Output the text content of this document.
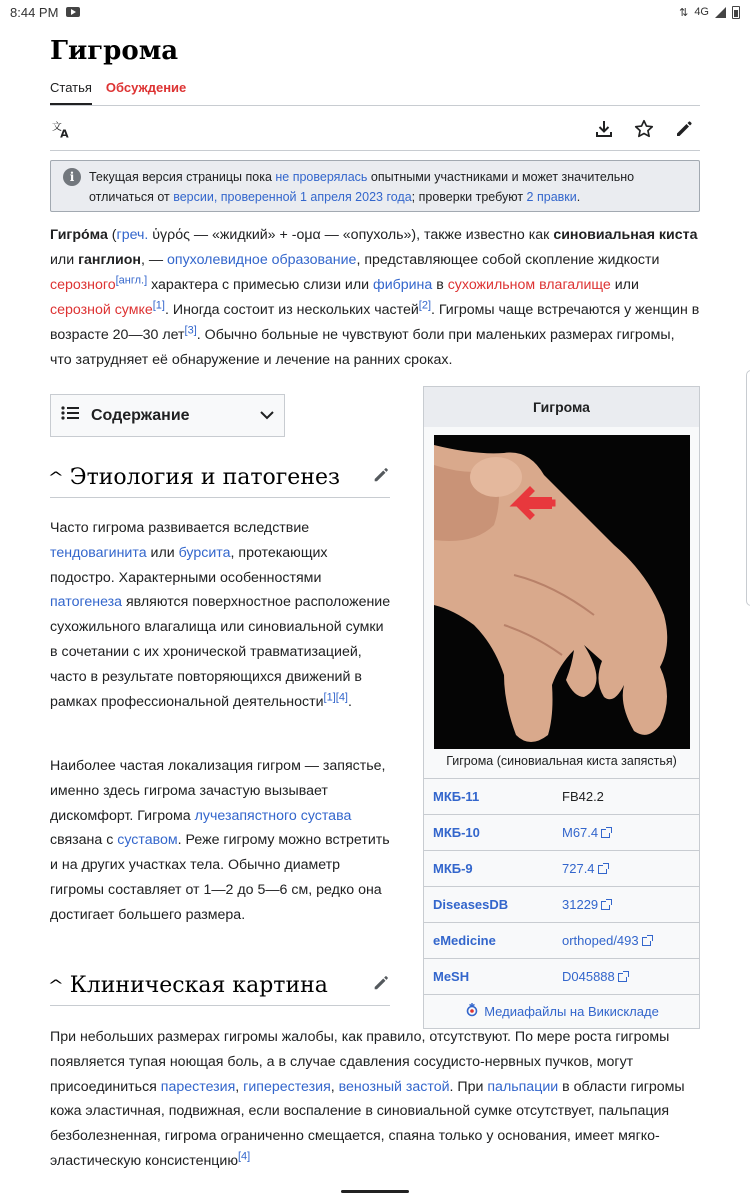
8:44 PM	⇅ 4G
Гигрома
Статья Обсуждение
文
A
i	Текущая версия страницы пока не проверялась опытными участниками и может значительно отличаться от версии, проверенной 1 апреля 2023 года; проверки требуют 2 правки.
Гигро́ма (греч. ὑγρός — «жидкий» + -ομα — «опухоль»), также известно как синовиальная киста или ганглион, — опухолевидное образование, представляющее собой скопление жидкости серозного[англ.] характера с примесью слизи или фибрина в сухожильном влагалище или серозной сумке[1]. Иногда состоит из нескольких частей[2]. Гигромы чаще встречаются у женщин в возрасте 20—30 лет[3]. Обычно больные не чувствуют боли при маленьких размерах гигромы, что затрудняет её обнаружение и лечение на ранних сроках.
Содержание
^ Этиология и патогенез
Часто гигрома развивается вследствие тендовагинита или бурсита, протекающих подостро. Характерными особенностями патогенеза являются поверхностное расположение сухожильного влагалища или синовиальной сумки в сочетании с их хронической травматизацией, часто в результате повторяющихся движений в рамках профессиональной деятельности[1][4].
Наиболее частая локализация гигром — запястье, именно здесь гигрома зачастую вызывает дискомфорт. Гигрома лучезапястного сустава связана с суставом. Реже гигрому можно встретить и на других участках тела. Обычно диаметр гигромы составляет от 1—2 до 5—6 см, редко она достигает большего размера.
^ Клиническая картина
При небольших размерах гигромы жалобы, как правило, отсутствуют. По мере роста гигромы появляется тупая ноющая боль, а в случае сдавления сосудисто-нервных пучков, могут присоединиться парестезия, гиперестезия, венозный застой. При пальпации в области гигромы кожа эластичная, подвижная, если воспаление в синовиальной сумке отсутствует, пальпация безболезненная, гигрома ограниченно смещается, спаяна только у основания, имеет мягко-эластическую консистенцию[4]
Гигрома
Гигрома (синовиальная киста запястья)
МКБ-11	FB42.2
МКБ-10	M67.4
МКБ-9	727.4
DiseasesDB	31229
eMedicine	orthoped/493
MeSH	D045888
Медиафайлы на Викискладе
